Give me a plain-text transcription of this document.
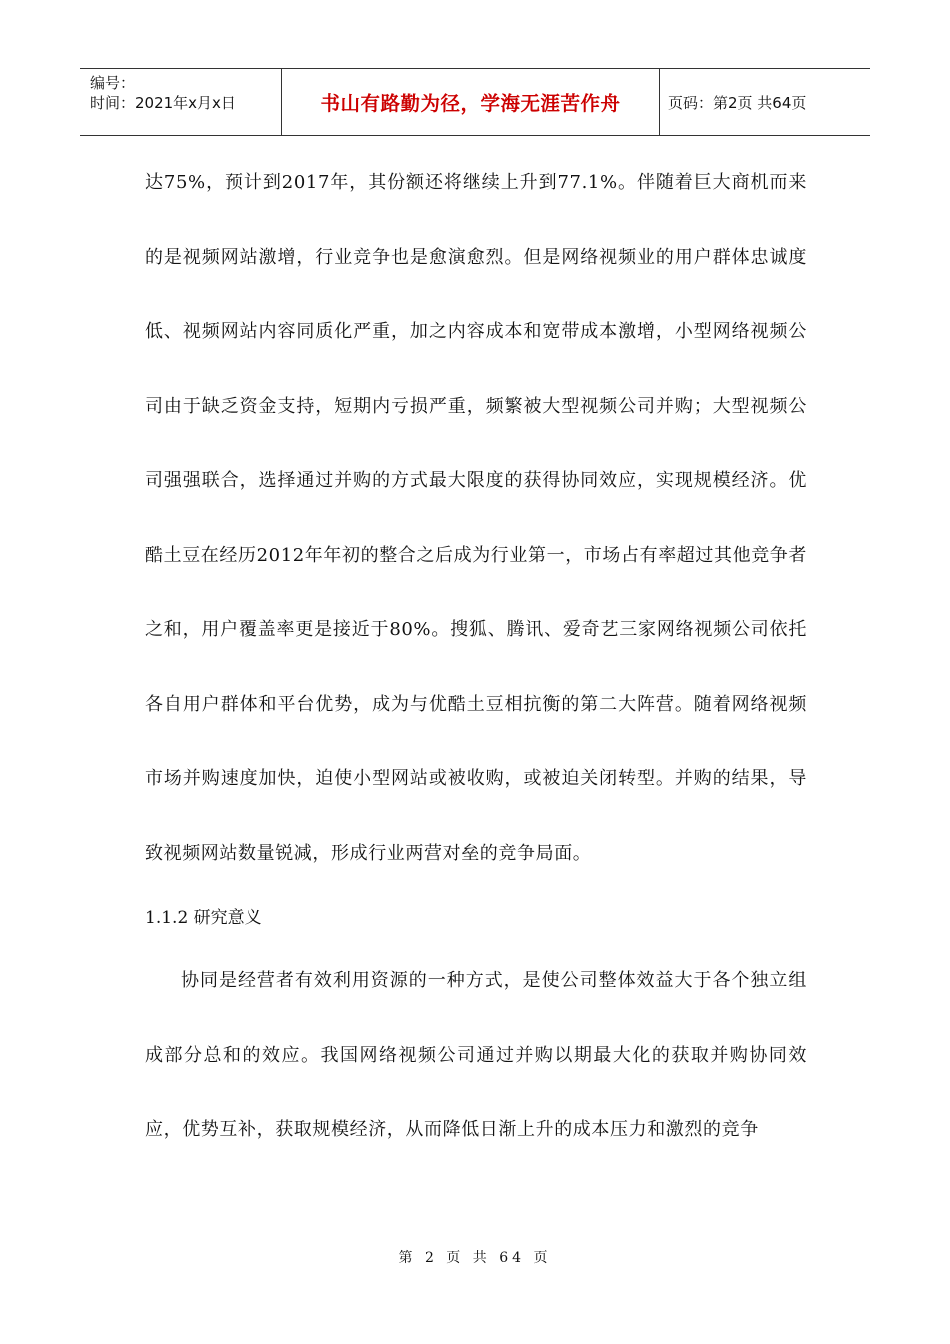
编号：
时间：2021年x月x日	书山有路勤为径，学海无涯苦作舟	页码：第2页 共64页

达75%，预计到2017年，其份额还将继续上升到77.1%。伴随着巨大商机而来的是视频网站激增，行业竞争也是愈演愈烈。但是网络视频业的用户群体忠诚度低、视频网站内容同质化严重，加之内容成本和宽带成本激增，小型网络视频公司由于缺乏资金支持，短期内亏损严重，频繁被大型视频公司并购；大型视频公司强强联合，选择通过并购的方式最大限度的获得协同效应，实现规模经济。优酷土豆在经历2012年年初的整合之后成为行业第一，市场占有率超过其他竞争者之和，用户覆盖率更是接近于80%。搜狐、腾讯、爱奇艺三家网络视频公司依托各自用户群体和平台优势，成为与优酷土豆相抗衡的第二大阵营。随着网络视频市场并购速度加快，迫使小型网站或被收购，或被迫关闭转型。并购的结果，导致视频网站数量锐减，形成行业两营对垒的竞争局面。

1.1.2 研究意义

协同是经营者有效利用资源的一种方式，是使公司整体效益大于各个独立组成部分总和的效应。我国网络视频公司通过并购以期最大化的获取并购协同效应，优势互补，获取规模经济，从而降低日渐上升的成本压力和激烈的竞争

第 2 页 共 64 页
